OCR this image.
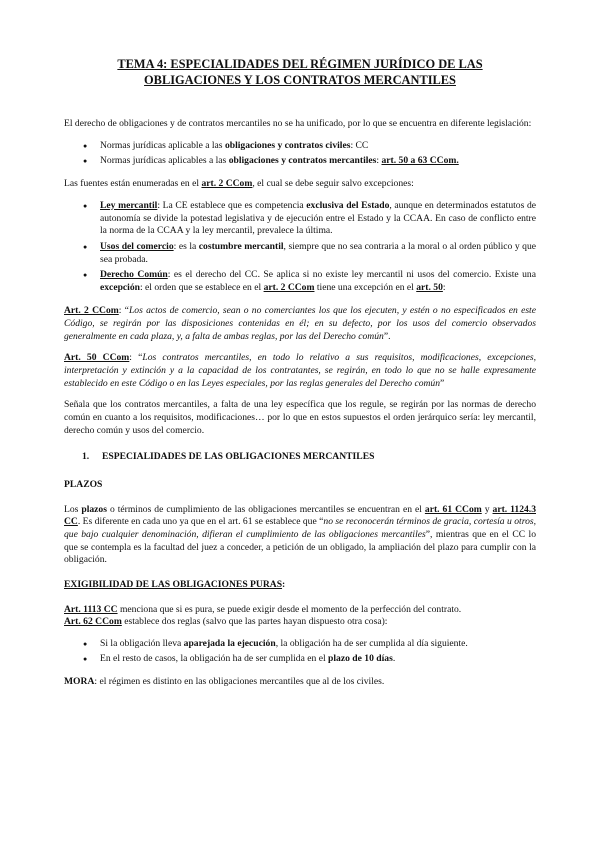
TEMA 4: ESPECIALIDADES DEL RÉGIMEN JURÍDICO DE LAS OBLIGACIONES Y LOS CONTRATOS MERCANTILES

El derecho de obligaciones y de contratos mercantiles no se ha unificado, por lo que se encuentra en diferente legislación:

● Normas jurídicas aplicable a las obligaciones y contratos civiles: CC
● Normas jurídicas aplicables a las obligaciones y contratos mercantiles: art. 50 a 63 CCom.

Las fuentes están enumeradas en el art. 2 CCom, el cual se debe seguir salvo excepciones:

● Ley mercantil: La CE establece que es competencia exclusiva del Estado, aunque en determinados estatutos de autonomía se divide la potestad legislativa y de ejecución entre el Estado y la CCAA. En caso de conflicto entre la norma de la CCAA y la ley mercantil, prevalece la última.
● Usos del comercio: es la costumbre mercantil, siempre que no sea contraria a la moral o al orden público y que sea probada.
● Derecho Común: es el derecho del CC. Se aplica si no existe ley mercantil ni usos del comercio. Existe una excepción: el orden que se establece en el art. 2 CCom tiene una excepción en el art. 50:

Art. 2 CCom: “Los actos de comercio, sean o no comerciantes los que los ejecuten, y estén o no especificados en este Código, se regirán por las disposiciones contenidas en él; en su defecto, por los usos del comercio observados generalmente en cada plaza, y, a falta de ambas reglas, por las del Derecho común”.

Art. 50 CCom: “Los contratos mercantiles, en todo lo relativo a sus requisitos, modificaciones, excepciones, interpretación y extinción y a la capacidad de los contratantes, se regirán, en todo lo que no se halle expresamente establecido en este Código o en las Leyes especiales, por las reglas generales del Derecho común”

Señala que los contratos mercantiles, a falta de una ley específica que los regule, se regirán por las normas de derecho común en cuanto a los requisitos, modificaciones… por lo que en estos supuestos el orden jerárquico sería: ley mercantil, derecho común y usos del comercio.

1. ESPECIALIDADES DE LAS OBLIGACIONES MERCANTILES
PLAZOS

Los plazos o términos de cumplimiento de las obligaciones mercantiles se encuentran en el art. 61 CCom y art. 1124.3 CC. Es diferente en cada uno ya que en el art. 61 se establece que “no se reconocerán términos de gracia, cortesía u otros, que bajo cualquier denominación, difieran el cumplimiento de las obligaciones mercantiles”, mientras que en el CC lo que se contempla es la facultad del juez a conceder, a petición de un obligado, la ampliación del plazo para cumplir con la obligación.

EXIGIBILIDAD DE LAS OBLIGACIONES PURAS:

Art. 1113 CC menciona que si es pura, se puede exigir desde el momento de la perfección del contrato.

Art. 62 CCom establece dos reglas (salvo que las partes hayan dispuesto otra cosa):

● Si la obligación lleva aparejada la ejecución, la obligación ha de ser cumplida al día siguiente.
● En el resto de casos, la obligación ha de ser cumplida en el plazo de 10 días.

MORA: el régimen es distinto en las obligaciones mercantiles que al de los civiles.
